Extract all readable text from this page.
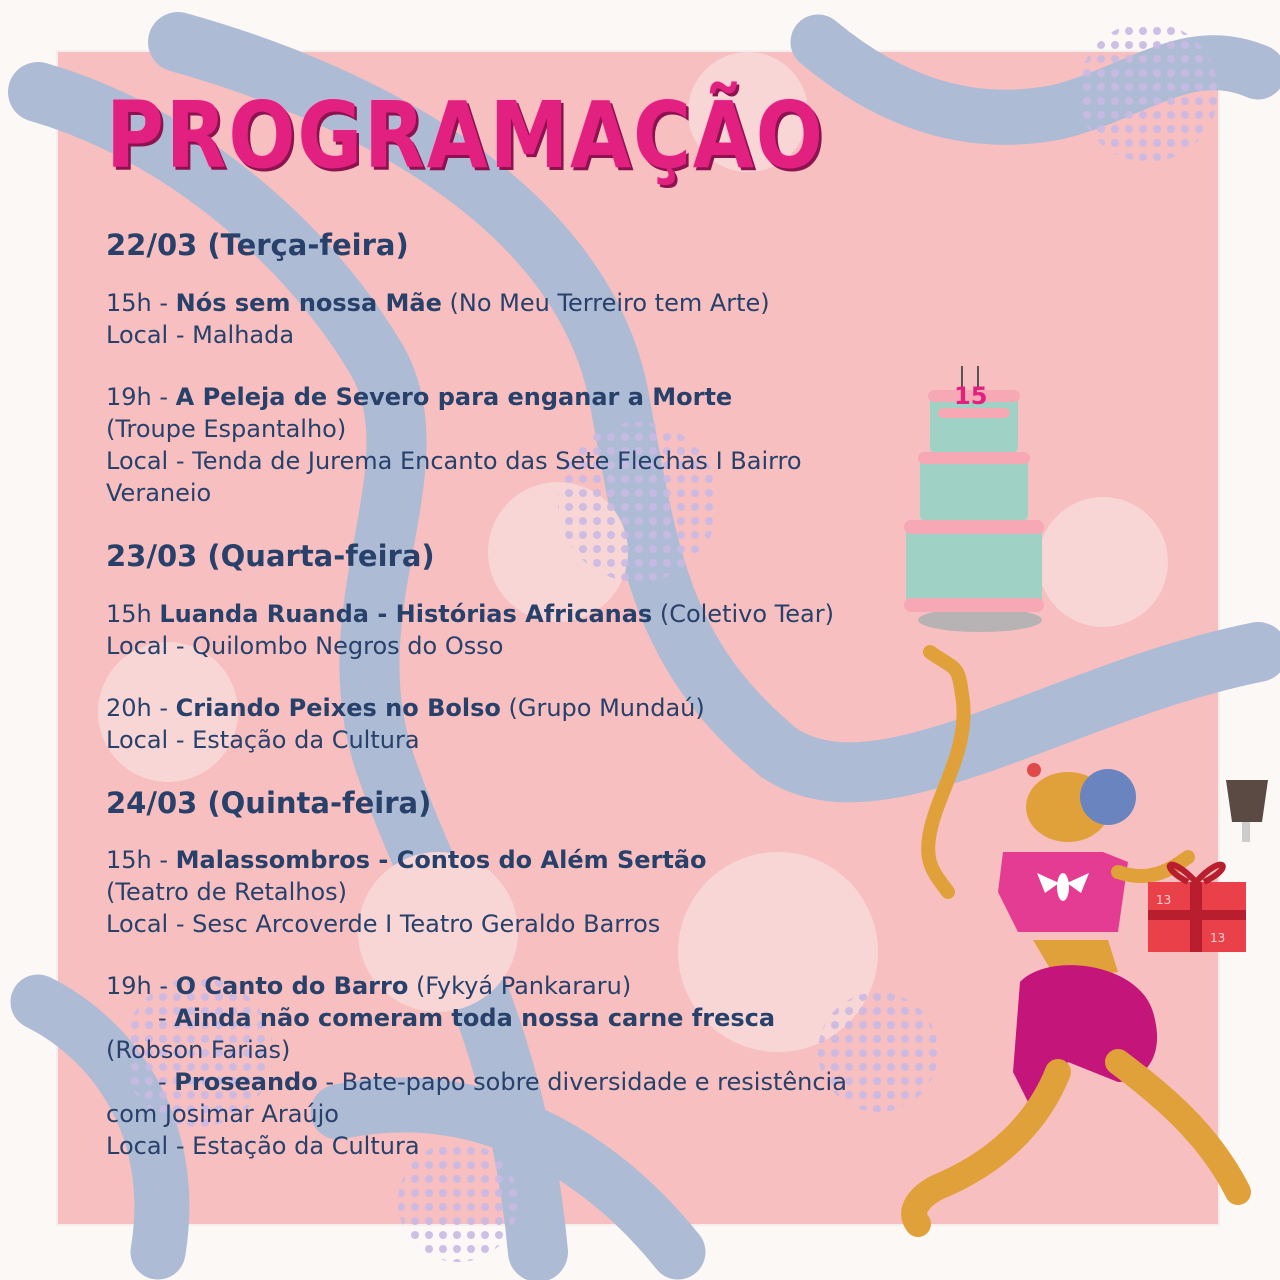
15
13
13
PROGRAMAÇÃO

22/03 (Terça-feira)

15h - Nós sem nossa Mãe (No Meu Terreiro tem Arte)
Local - Malhada

19h - A Peleja de Severo para enganar a Morte
(Troupe Espantalho)
Local - Tenda de Jurema Encanto das Sete Flechas I Bairro
Veraneio

23/03 (Quarta-feira)

15h Luanda Ruanda - Histórias Africanas (Coletivo Tear)
Local - Quilombo Negros do Osso

20h - Criando Peixes no Bolso (Grupo Mundaú)
Local - Estação da Cultura

24/03 (Quinta-feira)

15h - Malassombros - Contos do Além Sertão
(Teatro de Retalhos)
Local - Sesc Arcoverde I Teatro Geraldo Barros

19h - O Canto do Barro (Fykyá Pankararu)
- Ainda não comeram toda nossa carne fresca
(Robson Farias)
- Proseando - Bate-papo sobre diversidade e resistência
com Josimar Araújo
Local - Estação da Cultura
